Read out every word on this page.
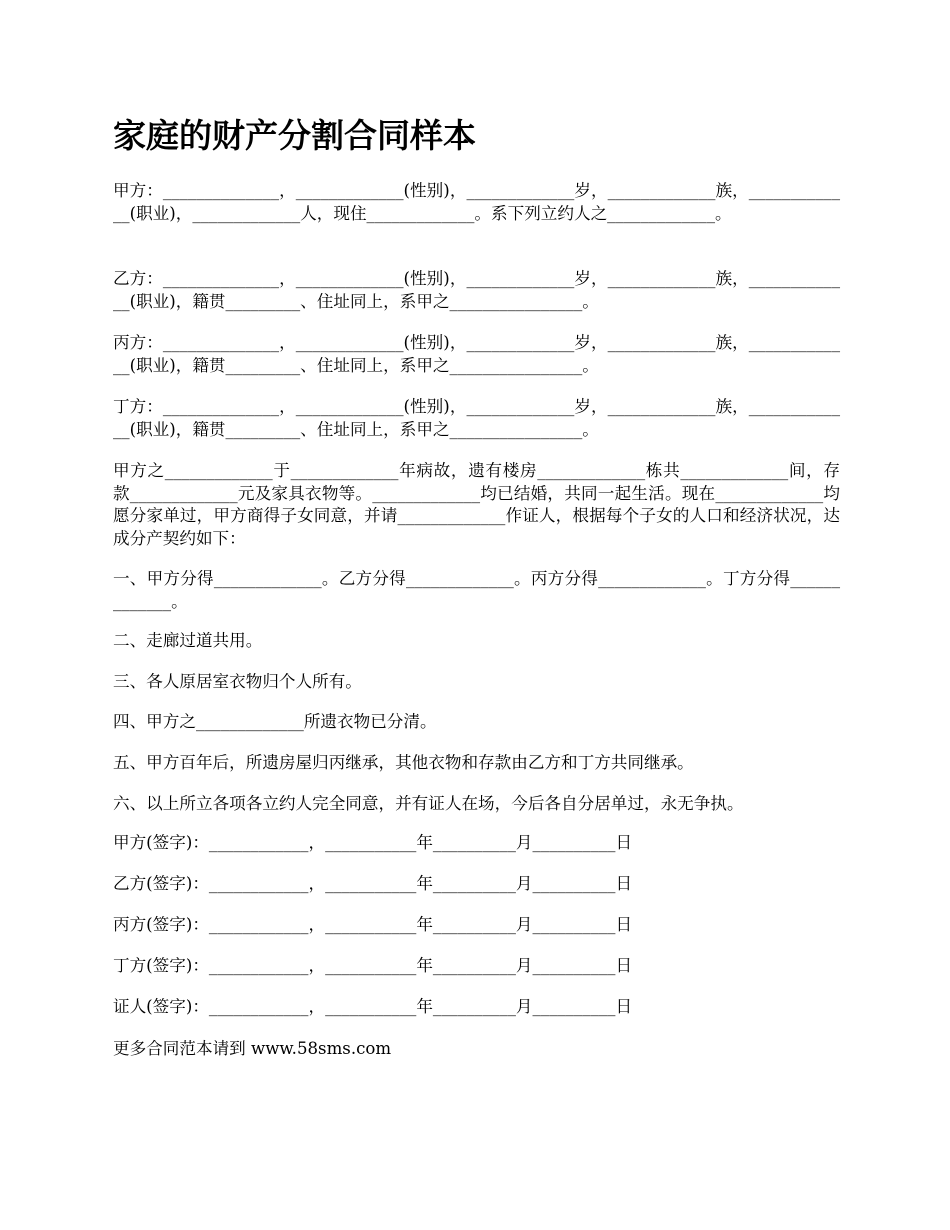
家庭的财产分割合同样本

甲方：______________，_____________(性别)，_____________岁，_____________族，_____________(职业)，_____________人，现住_____________。系下列立约人之_____________。

乙方：______________，_____________(性别)，_____________岁，_____________族，_____________(职业)，籍贯_________、住址同上，系甲之________________。

丙方：______________，_____________(性别)，_____________岁，_____________族，_____________(职业)，籍贯_________、住址同上，系甲之________________。

丁方：______________，_____________(性别)，_____________岁，_____________族，_____________(职业)，籍贯_________、住址同上，系甲之________________。

甲方之_____________于_____________年病故，遗有楼房_____________栋共_____________间，存款_____________元及家具衣物等。_____________均已结婚，共同一起生活。现在_____________均愿分家单过，甲方商得子女同意，并请_____________作证人，根据每个子女的人口和经济状况，达成分产契约如下：

一、甲方分得_____________。乙方分得_____________。丙方分得_____________。丁方分得_____________。

二、走廊过道共用。

三、各人原居室衣物归个人所有。

四、甲方之_____________所遗衣物已分清。

五、甲方百年后，所遗房屋归丙继承，其他衣物和存款由乙方和丁方共同继承。

六、以上所立各项各立约人完全同意，并有证人在场，今后各自分居单过，永无争执。

甲方(签字)：____________，___________年__________月__________日

乙方(签字)：____________，___________年__________月__________日

丙方(签字)：____________，___________年__________月__________日

丁方(签字)：____________，___________年__________月__________日

证人(签字)：____________，___________年__________月__________日

更多合同范本请到 www.58sms.com
